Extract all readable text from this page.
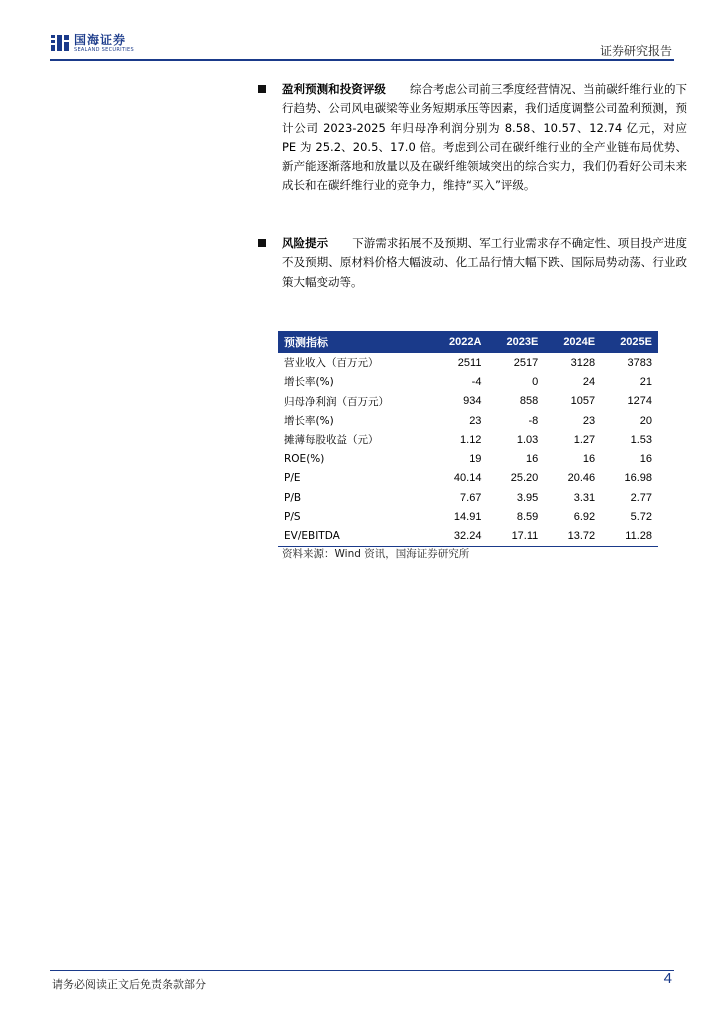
国海证券
SEALAND SECURITIES	证券研究报告
盈利预测和投资评级 综合考虑公司前三季度经营情况、当前碳纤维行业的下行趋势、公司风电碳梁等业务短期承压等因素，我们适度调整公司盈利预测，预计公司 2023-2025 年归母净利润分别为 8.58、10.57、12.74 亿元，对应 PE 为 25.2、20.5、17.0 倍。考虑到公司在碳纤维行业的全产业链布局优势、新产能逐渐落地和放量以及在碳纤维领域突出的综合实力，我们仍看好公司未来成长和在碳纤维行业的竞争力，维持“买入”评级。
风险提示 下游需求拓展不及预期、军工行业需求存不确定性、项目投产进度不及预期、原材料价格大幅波动、化工品行情大幅下跌、国际局势动荡、行业政策大幅变动等。
预测指标	2022A	2023E	2024E	2025E
营业收入（百万元）	2511	2517	3128	3783
增长率(%)	-4	0	24	21
归母净利润（百万元）	934	858	1057	1274
增长率(%)	23	-8	23	20
摊薄每股收益（元）	1.12	1.03	1.27	1.53
ROE(%)	19	16	16	16
P/E	40.14	25.20	20.46	16.98
P/B	7.67	3.95	3.31	2.77
P/S	14.91	8.59	6.92	5.72
EV/EBITDA	32.24	17.11	13.72	11.28
资料来源：Wind 资讯，国海证券研究所
请务必阅读正文后免责条款部分	4
